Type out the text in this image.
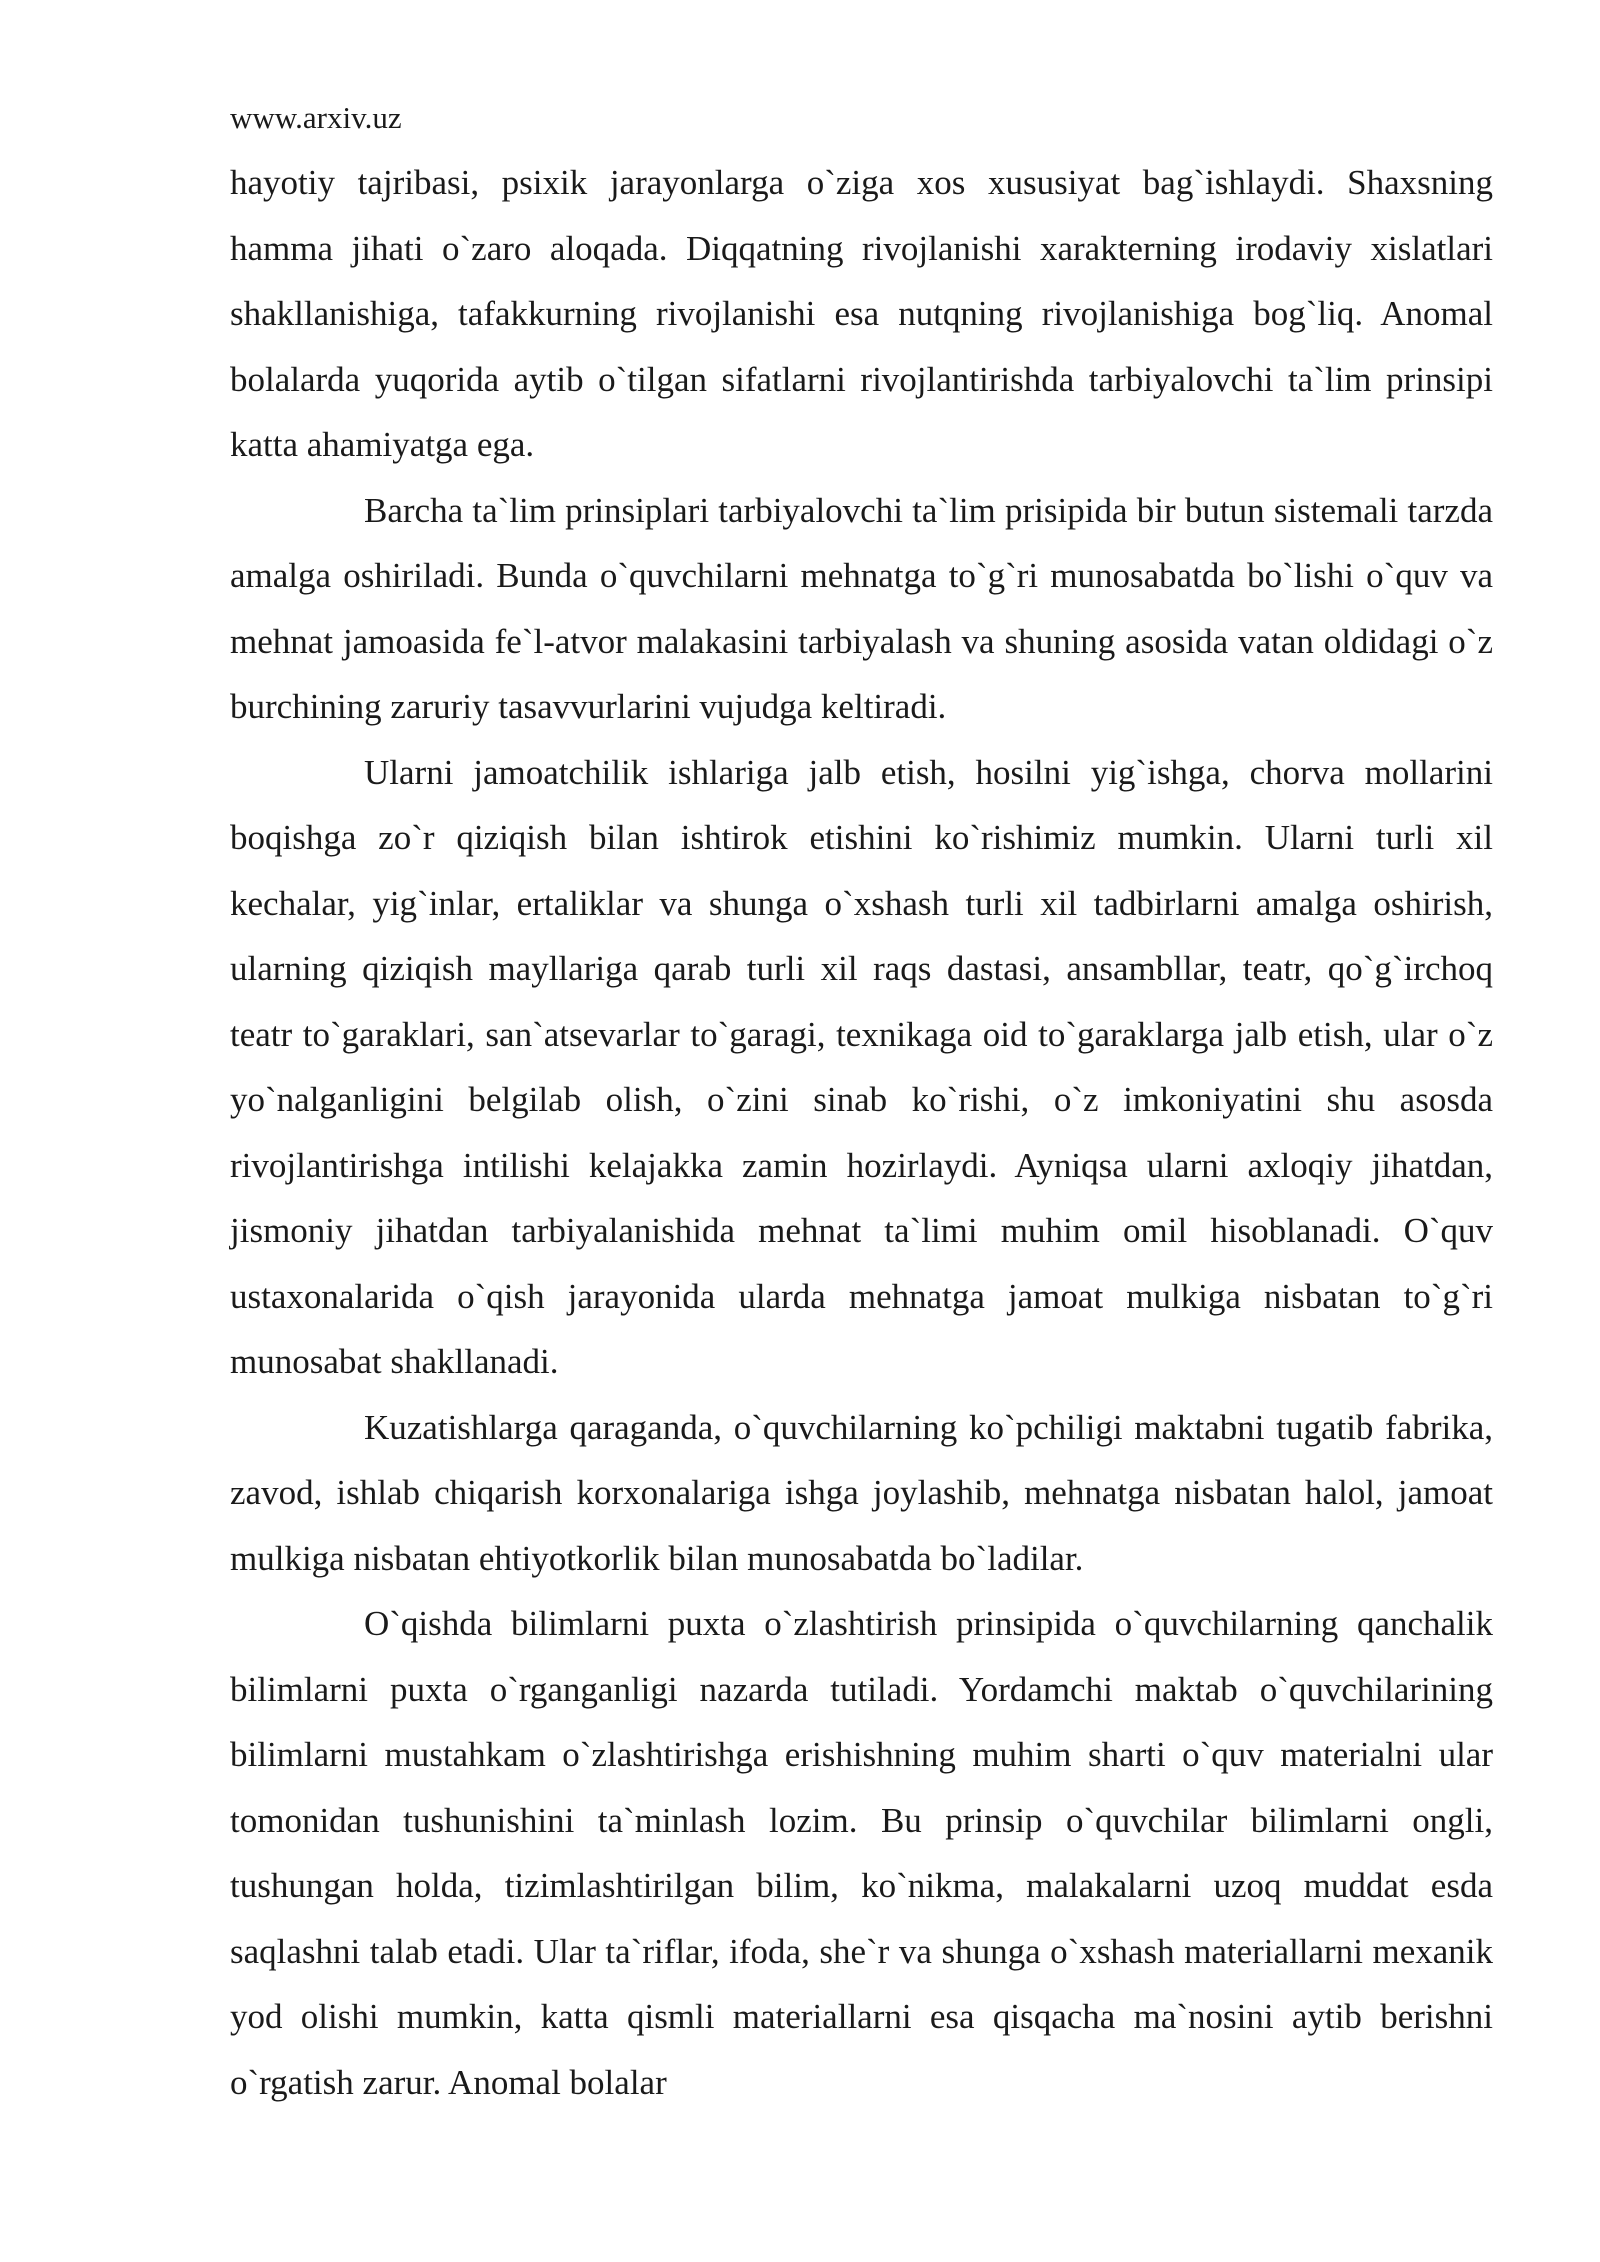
www.arxiv.uz

hayotiy tajribasi, psixik jarayonlarga o`ziga xos xususiyat bag`ishlaydi. Shaxsning hamma jihati o`zaro aloqada. Diqqatning rivojlanishi xarakterning irodaviy xislatlari shakllanishiga, tafakkurning rivojlanishi esa nutqning rivojlanishiga bog`liq. Anomal bolalarda yuqorida aytib o`tilgan sifatlarni rivojlantirishda tarbiyalovchi ta`lim prinsipi katta ahamiyatga ega.

Barcha ta`lim prinsiplari tarbiyalovchi ta`lim prisipida bir butun sistemali tarzda amalga oshiriladi. Bunda o`quvchilarni mehnatga to`g`ri munosabatda bo`lishi o`quv va mehnat jamoasida fe`l-atvor malakasini tarbiyalash va shuning asosida vatan oldidagi o`z burchining zaruriy tasavvurlarini vujudga keltiradi.

Ularni jamoatchilik ishlariga jalb etish, hosilni yig`ishga, chorva mollarini boqishga zo`r qiziqish bilan ishtirok etishini ko`rishimiz mumkin. Ularni turli xil kechalar, yig`inlar, ertaliklar va shunga o`xshash turli xil tadbirlarni amalga oshirish, ularning qiziqish mayllariga qarab turli xil raqs dastasi, ansambllar, teatr, qo`g`irchoq teatr to`garaklari, san`atsevarlar to`garagi, texnikaga oid to`garaklarga jalb etish, ular o`z yo`nalganligini belgilab olish, o`zini sinab ko`rishi, o`z imkoniyatini shu asosda rivojlantirishga intilishi kelajakka zamin hozirlaydi. Ayniqsa ularni axloqiy jihatdan, jismoniy jihatdan tarbiyalanishida mehnat ta`limi muhim omil hisoblanadi. O`quv ustaxonalarida o`qish jarayonida ularda mehnatga jamoat mulkiga nisbatan to`g`ri munosabat shakllanadi.

Kuzatishlarga qaraganda, o`quvchilarning ko`pchiligi maktabni tugatib fabrika, zavod, ishlab chiqarish korxonalariga ishga joylashib, mehnatga nisbatan halol, jamoat mulkiga nisbatan ehtiyotkorlik bilan munosabatda bo`ladilar.

O`qishda bilimlarni puxta o`zlashtirish prinsipida o`quvchilarning qanchalik bilimlarni puxta o`rganganligi nazarda tutiladi. Yordamchi maktab o`quvchilarining bilimlarni mustahkam o`zlashtirishga erishishning muhim sharti o`quv materialni ular tomonidan tushunishini ta`minlash lozim. Bu prinsip o`quvchilar bilimlarni ongli, tushungan holda, tizimlashtirilgan bilim, ko`nikma, malakalarni uzoq muddat esda saqlashni talab etadi. Ular ta`riflar, ifoda, she`r va shunga o`xshash materiallarni mexanik yod olishi mumkin, katta qismli materiallarni esa qisqacha ma`nosini aytib berishni o`rgatish zarur. Anomal bolalar
